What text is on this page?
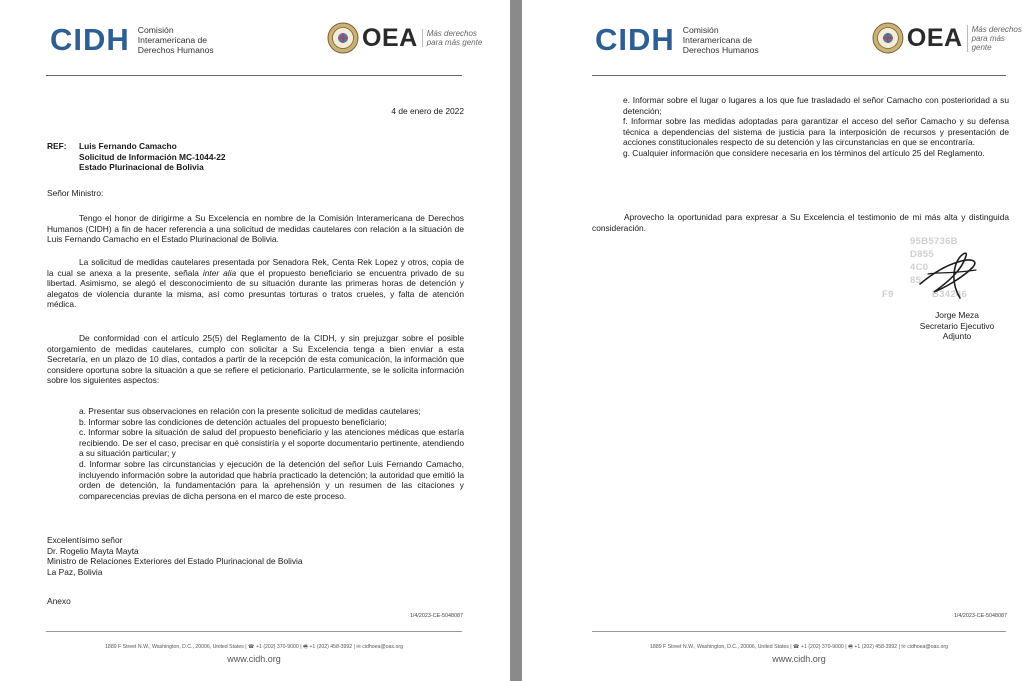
CIDH Comisión
Interamericana de
Derechos Humanos	OEA Más derechos
para más gente
4 de enero de 2022
REF: Luis Fernando Camacho
Solicitud de Información MC-1044-22
Estado Plurinacional de Bolivia
Señor Ministro:

Tengo el honor de dirigirme a Su Excelencia en nombre de la Comisión Interamericana de Derechos Humanos (CIDH) a fin de hacer referencia a una solicitud de medidas cautelares con relación a la situación de Luis Fernando Camacho en el Estado Plurinacional de Bolivia.

La solicitud de medidas cautelares presentada por Senadora Rek, Centa Rek Lopez y otros, copia de la cual se anexa a la presente, señala inter alia que el propuesto beneficiario se encuentra privado de su libertad. Asimismo, se alegó el desconocimiento de su situación durante las primeras horas de detención y alegatos de violencia durante la misma, así como presuntas torturas o tratos crueles, y falta de atención médica.

De conformidad con el artículo 25(5) del Reglamento de la CIDH, y sin prejuzgar sobre el posible otorgamiento de medidas cautelares, cumplo con solicitar a Su Excelencia tenga a bien enviar a esta Secretaría, en un plazo de 10 días, contados a partir de la recepción de esta comunicación, la información que considere oportuna sobre la situación a que se refiere el peticionario. Particularmente, se le solicita información sobre los siguientes aspectos:

a. Presentar sus observaciones en relación con la presente solicitud de medidas cautelares;

b. Informar sobre las condiciones de detención actuales del propuesto beneficiario;

c. Informar sobre la situación de salud del propuesto beneficiario y las atenciones médicas que estaría recibiendo. De ser el caso, precisar en qué consistiría y el soporte documentario pertinente, atendiendo a su situación particular; y

d. Informar sobre las circunstancias y ejecución de la detención del señor Luis Fernando Camacho, incluyendo información sobre la autoridad que habría practicado la detención; la autoridad que emitió la orden de detención, la fundamentación para la aprehensión y un resumen de las citaciones y comparecencias previas de dicha persona en el marco de este proceso.

Excelentísimo señor
Dr. Rogelio Mayta Mayta
Ministro de Relaciones Exteriores del Estado Plurinacional de Bolivia
La Paz, Bolivia
Anexo
1/4/2023-CE-5048087
1889 F Street N.W., Washington, D.C., 20006, United States | ☎ +1 (202) 370-9000 | 🖷 +1 (202) 458-3992 | ✉ cidhoea@oas.org
www.cidh.org
CIDH Comisión
Interamericana de
Derechos Humanos	OEA Más derechos
para más gente

e. Informar sobre el lugar o lugares a los que fue trasladado el señor Camacho con posterioridad a su detención;

f. Informar sobre las medidas adoptadas para garantizar el acceso del señor Camacho y su defensa técnica a dependencias del sistema de justicia para la interposición de recursos y presentación de acciones constitucionales respecto de su detención y las circunstancias en que se encontraría.

g. Cualquier información que considere necesaria en los términos del artículo 25 del Reglamento.

Aprovecho la oportunidad para expresar a Su Excelencia el testimonio de mi más alta y distinguida consideración.

95B5736B
D855
4C0
85
F9	B34246
Jorge Meza
Secretario Ejecutivo
Adjunto
1/4/2023-CE-5048087
1889 F Street N.W., Washington, D.C., 20006, United States | ☎ +1 (202) 370-9000 | 🖷 +1 (202) 458-3992 | ✉ cidhoea@oas.org
www.cidh.org
